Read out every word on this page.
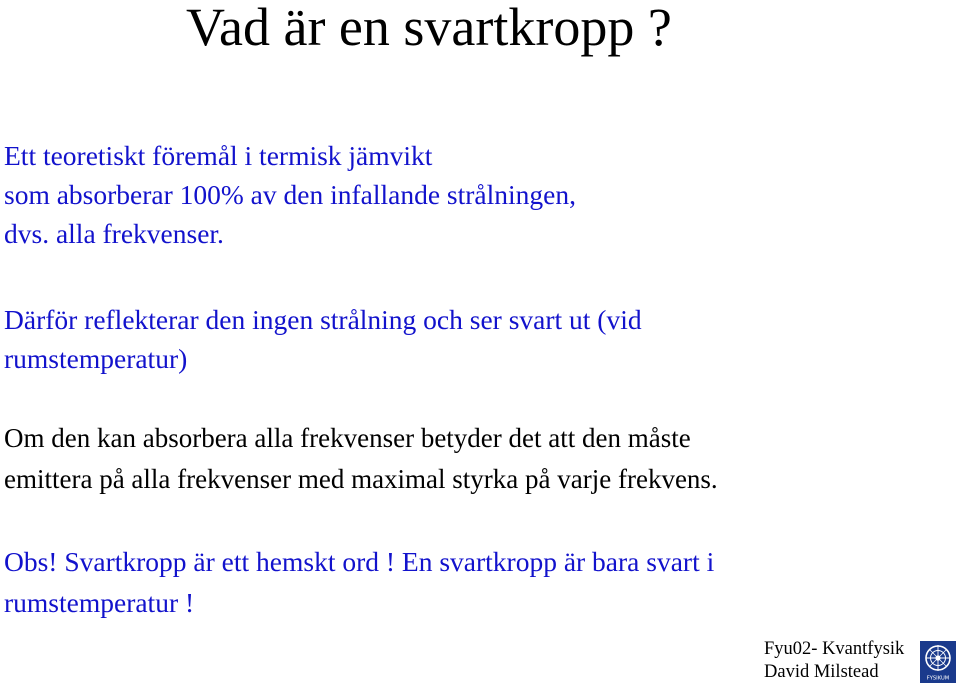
Vad är en svartkropp ?

Ett teoretiskt föremål i termisk jämvikt
som absorberar 100% av den infallande strålningen,
dvs. alla frekvenser.

Därför reflekterar den ingen strålning och ser svart ut (vid
rumstemperatur)

Om den kan absorbera alla frekvenser betyder det att den måste
emittera på alla frekvenser med maximal styrka på varje frekvens.

Obs! Svartkropp är ett hemskt ord ! En svartkropp är bara svart i
rumstemperatur !

Fyu02- Kvantfysik
David Milstead	FYSIKUM
